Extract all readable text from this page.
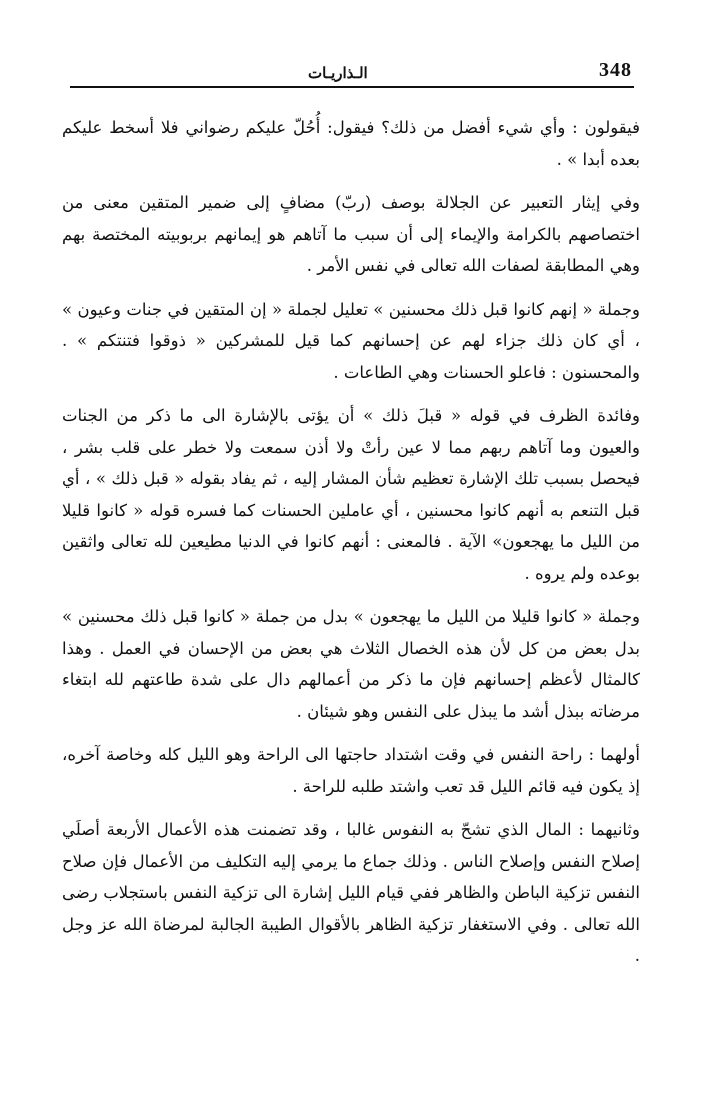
348
الـذاريـات

فيقولون : وأي شيء أفضل من ذلك؟ فيقول: أُحُلّ عليكم رضواني فلا أسخط عليكم بعده أبدا » .

وفي إيثار التعبير عن الجلالة بوصف (ربّ) مضافٍ إلى ضمير المتقين معنى من اختصاصهم بالكرامة والإيماء إلى أن سبب ما آتاهم هو إيمانهم بربوبيته المختصة بهم وهي المطابقة لصفات الله تعالى في نفس الأمر .

وجملة « إنهم كانوا قبل ذلك محسنين » تعليل لجملة « إن المتقين في جنات وعيون » ، أي كان ذلك جزاء لهم عن إحسانهم كما قيل للمشركين « ذوقوا فتنتكم » . والمحسنون : فاعلو الحسنات وهي الطاعات .

وفائدة الظرف في قوله « قبلَ ذلك » أن يؤتى بالإشارة الى ما ذكر من الجنات والعيون وما آتاهم ربهم مما لا عين رأتْ ولا أذن سمعت ولا خطر على قلب بشر ، فيحصل بسبب تلك الإشارة تعظيم شأن المشار إليه ، ثم يفاد بقوله « قبل ذلك » ، أي قبل التنعم به أنهم كانوا محسنين ، أي عاملين الحسنات كما فسره قوله « كانوا قليلا من الليل ما يهجعون» الآية . فالمعنى : أنهم كانوا في الدنيا مطيعين لله تعالى واثقين بوعده ولم يروه .

وجملة « كانوا قليلا من الليل ما يهجعون » بدل من جملة « كانوا قبل ذلك محسنين » بدل بعض من كل لأن هذه الخصال الثلاث هي بعض من الإحسان في العمل . وهذا كالمثال لأعظم إحسانهم فإن ما ذكر من أعمالهم دال على شدة طاعتهم لله ابتغاء مرضاته ببذل أشد ما يبذل على النفس وهو شيئان .

أولهما : راحة النفس في وقت اشتداد حاجتها الى الراحة وهو الليل كله وخاصة آخره، إذ يكون فيه قائم الليل قد تعب واشتد طلبه للراحة .

وثانيهما : المال الذي تشحّ به النفوس غالبا ، وقد تضمنت هذه الأعمال الأربعة أصلَي إصلاح النفس وإصلاح الناس . وذلك جماع ما يرمي إليه التكليف من الأعمال فإن صلاح النفس تزكية الباطن والظاهر ففي قيام الليل إشارة الى تزكية النفس باستجلاب رضى الله تعالى . وفي الاستغفار تزكية الظاهر بالأقوال الطيبة الجالبة لمرضاة الله عز وجل .
